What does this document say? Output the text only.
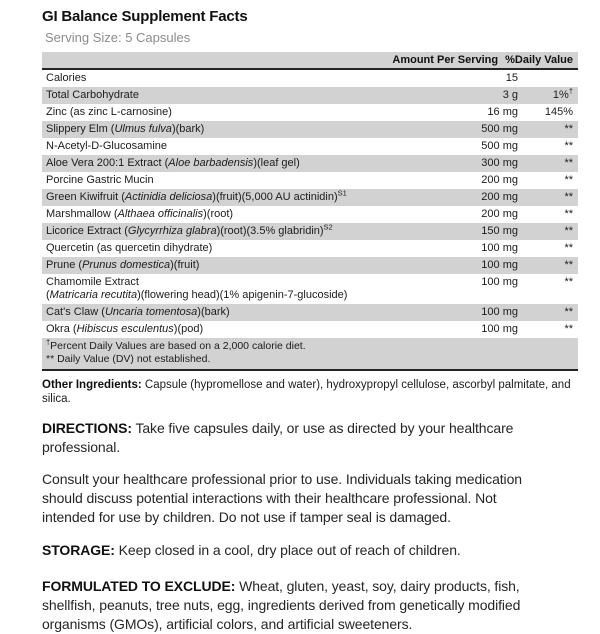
GI Balance Supplement Facts
Serving Size: 5 Capsules
Amount Per Serving %Daily Value
Calories	15
Total Carbohydrate	3 g	1%†
Zinc (as zinc L-carnosine)	16 mg	145%
Slippery Elm (Ulmus fulva)(bark)	500 mg	**
N-Acetyl-D-Glucosamine	500 mg	**
Aloe Vera 200:1 Extract (Aloe barbadensis)(leaf gel)	300 mg	**
Porcine Gastric Mucin	200 mg	**
Green Kiwifruit (Actinidia deliciosa)(fruit)(5,000 AU actinidin)$^{S1}$	200 mg	**
Marshmallow (Althaea officinalis)(root)	200 mg	**
Licorice Extract (Glycyrrhiza glabra)(root)(3.5% glabridin)$^{S2}$	150 mg	**
Quercetin (as quercetin dihydrate)	100 mg	**
Prune (Prunus domestica)(fruit)	100 mg	**
Chamomile Extract
(Matricaria recutita)(flowering head)(1% apigenin-7-glucoside)
100 mg	**
Cat's Claw (Uncaria tomentosa)(bark)	100 mg	**
Okra (Hibiscus esculentus)(pod)	100 mg	**
†Percent Daily Values are based on a 2,000 calorie diet.
** Daily Value (DV) not established.

Other Ingredients: Capsule (hypromellose and water), hydroxypropyl cellulose, ascorbyl palmitate, and
silica.

DIRECTIONS: Take five capsules daily, or use as directed by your healthcare
professional.

Consult your healthcare professional prior to use. Individuals taking medication
should discuss potential interactions with their healthcare professional. Not
intended for use by children. Do not use if tamper seal is damaged.

STORAGE: Keep closed in a cool, dry place out of reach of children.

FORMULATED TO EXCLUDE: Wheat, gluten, yeast, soy, dairy products, fish,
shellfish, peanuts, tree nuts, egg, ingredients derived from genetically modified
organisms (GMOs), artificial colors, and artificial sweeteners.
